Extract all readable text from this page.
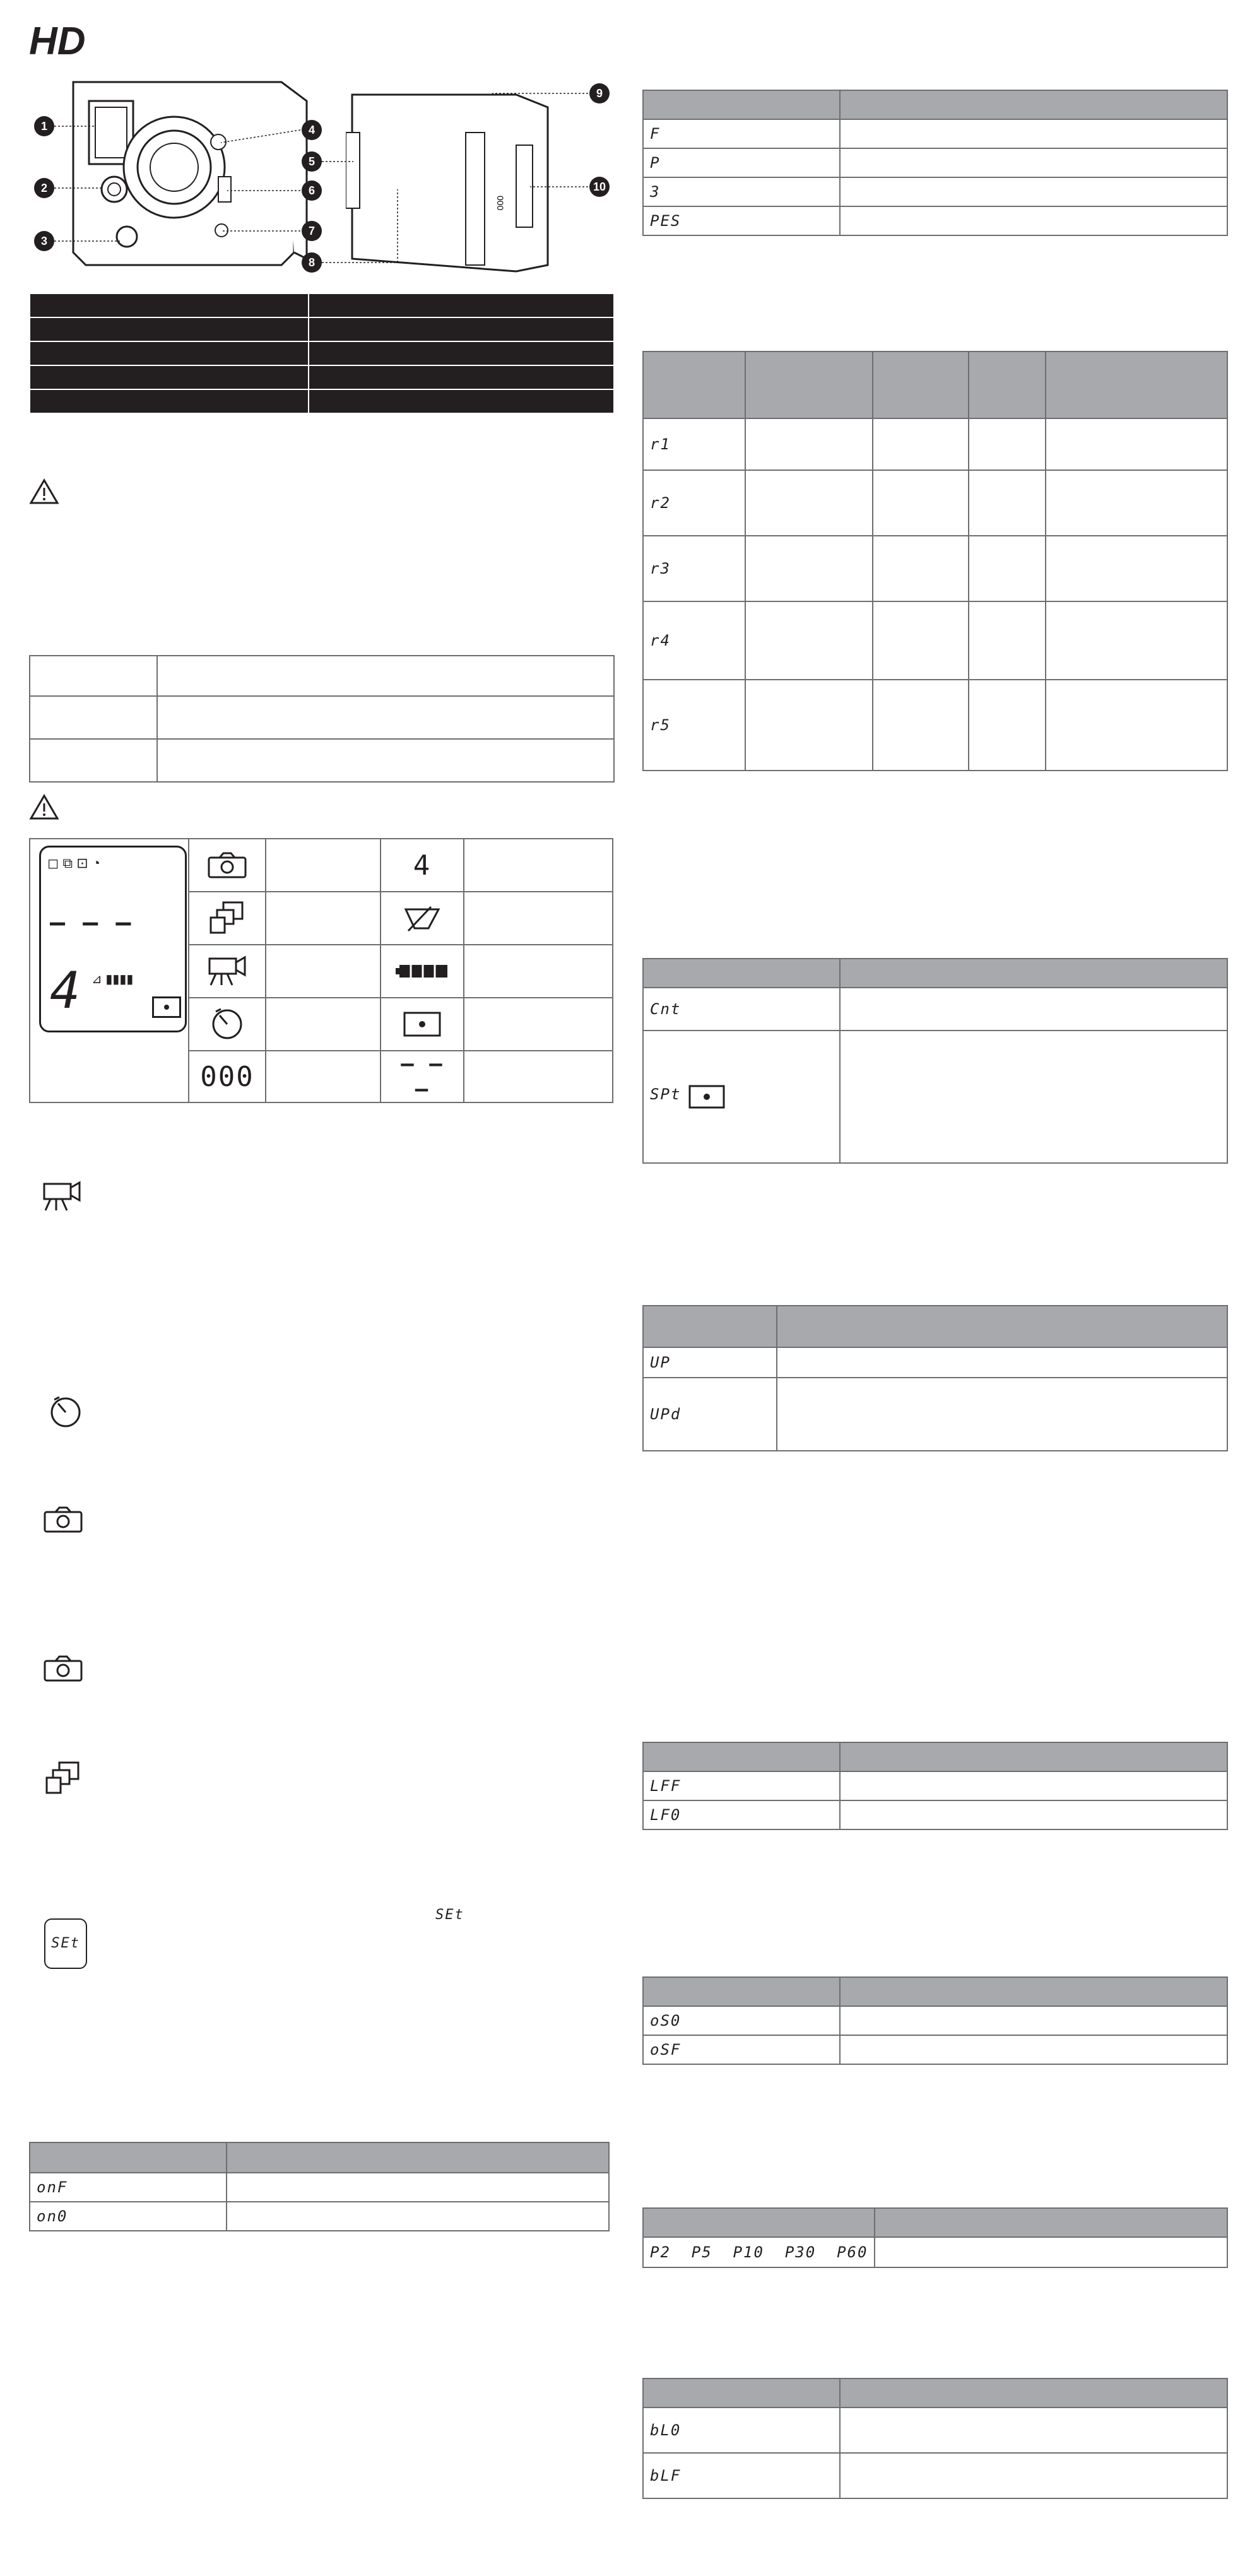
HD
1
2
3
4
6
7
000
5
8
9
10

◻ ⧉ ⊡ ◔
— — —
4 ⊿ ▮▮▮▮			4	

	000		– – –	
SEt
SEt

onF	
on0	

F	
P	
3	
PES	

r1				
r2				
r3				
r4				
r5				

Cnt	
SPt

UP	
UPd	

LFF	
LF0	

oS0	
oSF	

P2  P5  P10  P30  P60	

bL0	
bLF	
